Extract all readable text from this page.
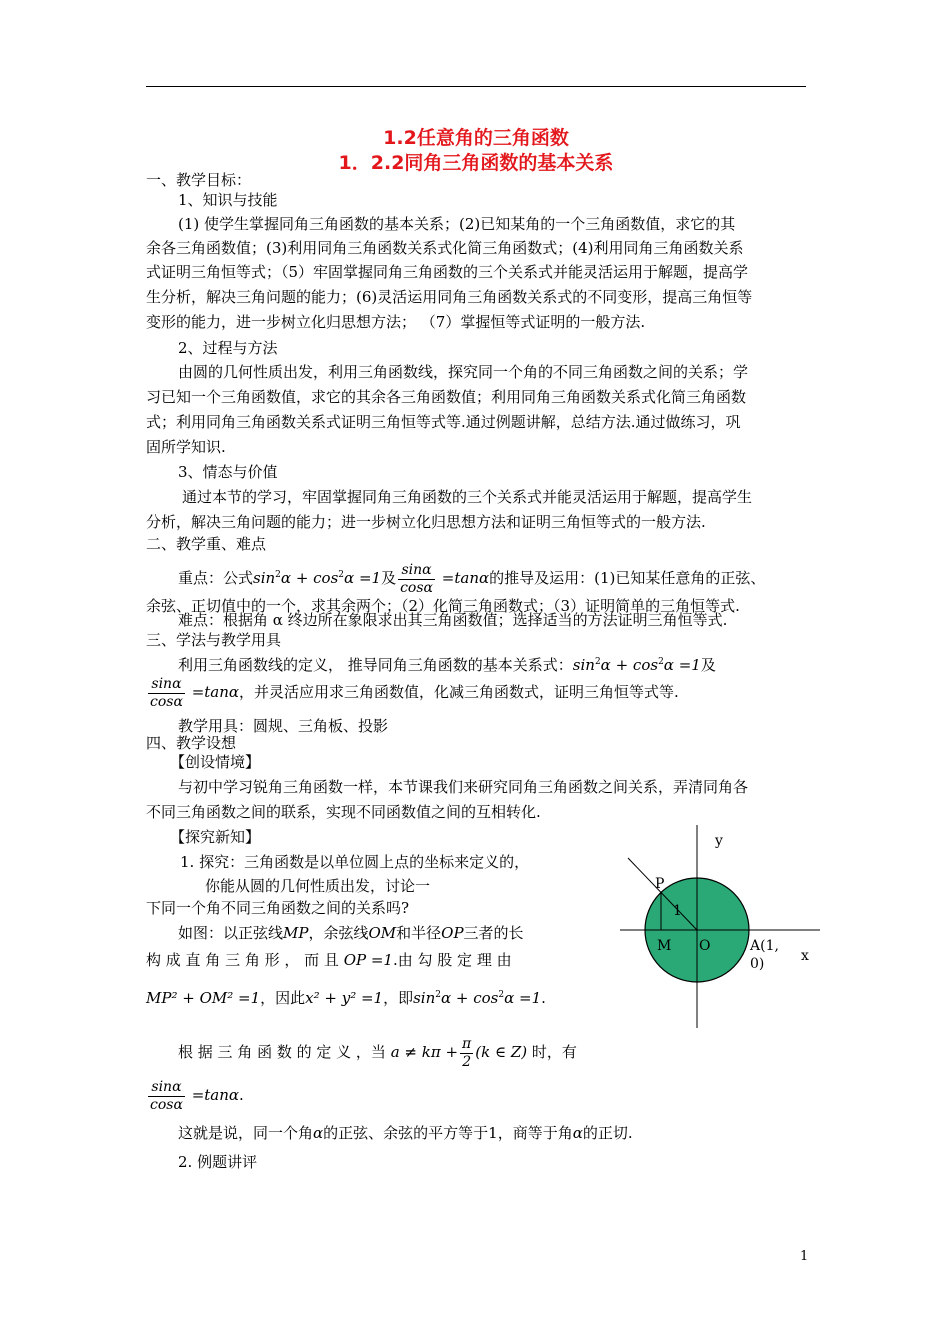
1.2任意角的三角函数
1．2.2同角三角函数的基本关系
一、教学目标：
1、知识与技能
(1) 使学生掌握同角三角函数的基本关系；(2)已知某角的一个三角函数值，求它的其
余各三角函数值；(3)利用同角三角函数关系式化简三角函数式；(4)利用同角三角函数关系
式证明三角恒等式；（5）牢固掌握同角三角函数的三个关系式并能灵活运用于解题，提高学
生分析，解决三角问题的能力；(6)灵活运用同角三角函数关系式的不同变形，提高三角恒等
变形的能力，进一步树立化归思想方法； （7）掌握恒等式证明的一般方法.
2、过程与方法
由圆的几何性质出发，利用三角函数线，探究同一个角的不同三角函数之间的关系；学
习已知一个三角函数值，求它的其余各三角函数值；利用同角三角函数关系式化简三角函数
式；利用同角三角函数关系式证明三角恒等式等.通过例题讲解，总结方法.通过做练习，巩
固所学知识.
3、情态与价值
通过本节的学习，牢固掌握同角三角函数的三个关系式并能灵活运用于解题，提高学生
分析，解决三角问题的能力；进一步树立化归思想方法和证明三角恒等式的一般方法.
二、教学重、难点
重点：公式$\sin^2\alpha + \cos^2\alpha =1$及 $\frac{\sin\alpha}{\cos\alpha} =\tan\alpha$的推导及运用：(1)已知某任意角的正弦、
余弦、正切值中的一个，求其余两个；（2）化简三角函数式；（3）证明简单的三角恒等式.
难点：根据角 α 终边所在象限求出其三角函数值；选择适当的方法证明三角恒等式.
三、学法与教学用具
利用三角函数线的定义， 推导同角三角函数的基本关系式：$\sin^2\alpha + \cos^2\alpha =1$及
$\frac{\sin\alpha}{\cos\alpha} =\tan\alpha$，并灵活应用求三角函数值，化减三角函数式，证明三角恒等式等.
教学用具：圆规、三角板、投影
四、教学设想
【创设情境】
与初中学习锐角三角函数一样，本节课我们来研究同角三角函数之间关系，弄清同角各
不同三角函数之间的联系，实现不同函数值之间的互相转化.
【探究新知】
1. 探究：三角函数是以单位圆上点的坐标来定义的，
你能从圆的几何性质出发，讨论一
下同一个角不同三角函数之间的关系吗?
如图：以正弦线MP，余弦线OM和半径OP三者的长
构 成 直 角 三 角 形 ， 而 且 OP =1.由 勾 股 定 理 由
MP² + OM² =1，因此x² + y² =1，即$\sin^2\alpha + \cos^2\alpha =1$.
根 据 三 角 函 数 的 定 义 ，当 $a \ne k\pi + \frac{\pi}{2} (k$ ∈ Z) 时，有
$\frac{\sin\alpha}{\cos\alpha} =\tan\alpha$.
这就是说，同一个角α的正弦、余弦的平方等于1，商等于角α的正切.
2. 例题讲评
y
x
P
1
M O	A(1,
0)
1
